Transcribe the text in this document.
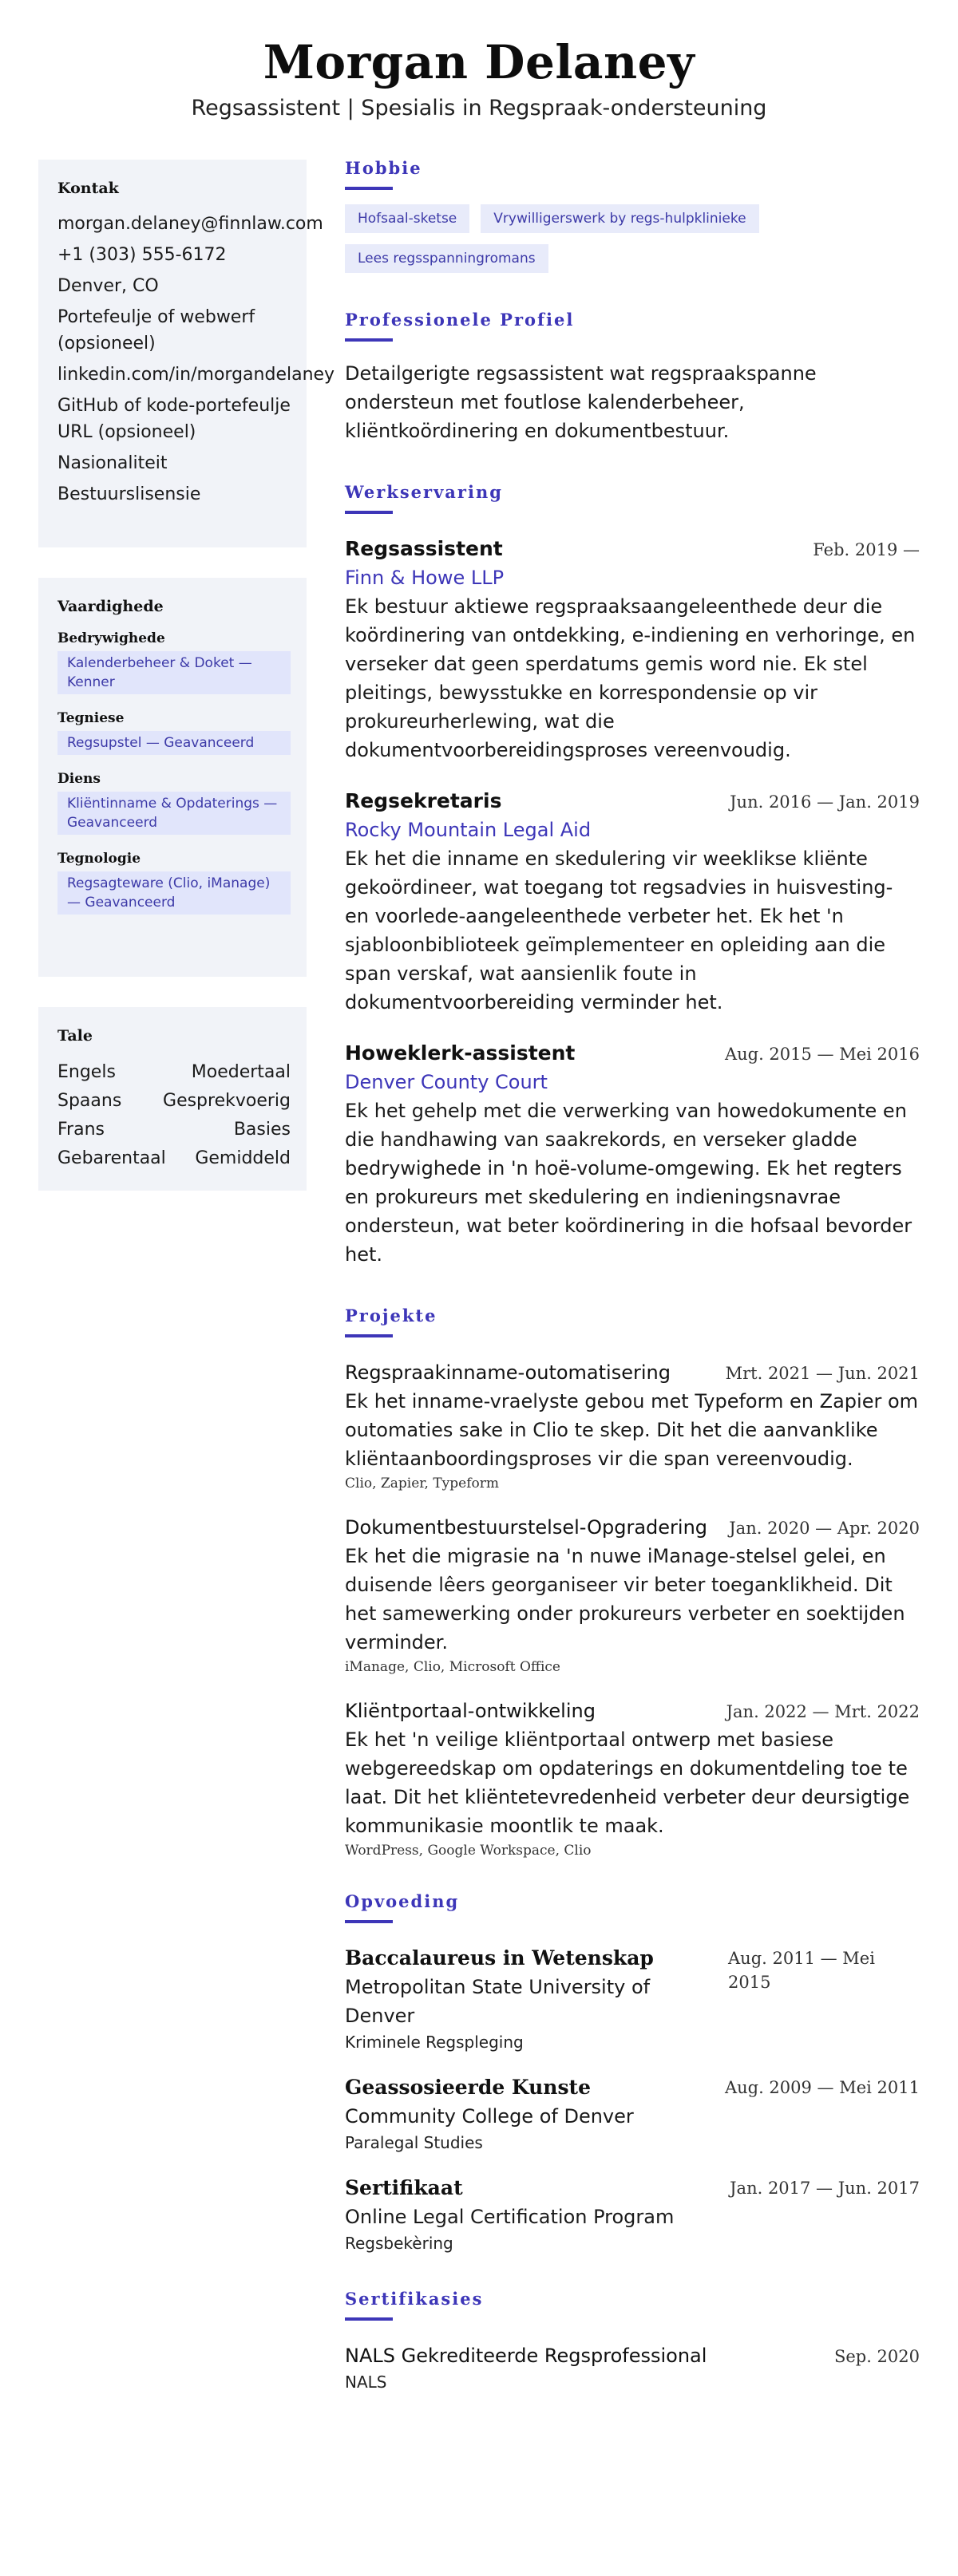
Morgan Delaney
Regsassistent | Spesialis in Regspraak-ondersteuning
Kontak
morgan.delaney@finnlaw.com
+1 (303) 555-6172
Denver, CO
Portefeulje of webwerf (opsioneel)
linkedin.com/in/morgandelaney
GitHub of kode-portefeulje URL (opsioneel)
Nasionaliteit
Bestuurslisensie
Vaardighede
Bedrywighede
Kalenderbeheer & Doket — Kenner
Tegniese
Regsupstel — Geavanceerd
Diens
Kliëntinname & Opdaterings — Geavanceerd
Tegnologie
Regsagteware (Clio, iManage) — Geavanceerd
Tale
Engels	Moedertaal
Spaans Gesprekvoerig
Frans	Basies
Gebarentaal Gemiddeld
Hobbie
Hofsaal-sketse	Vrywilligerswerk by regs-hulpklinieke
Lees regsspanningromans
Professionele Profiel

Detailgerigte regsassistent wat regspraakspanne ondersteun met foutlose kalenderbeheer, kliëntkoördinering en dokumentbestuur.

Werkservaring
Regsassistent	Feb. 2019 —
Finn & Howe LLP

Ek bestuur aktiewe regspraaksaangeleenthede deur die koördinering van ontdekking, e-indiening en verhoringe, en verseker dat geen sperdatums gemis word nie. Ek stel pleitings, bewysstukke en korrespondensie op vir prokureurherlewing, wat die dokumentvoorbereidingsproses vereenvoudig.

Regsekretaris	Jun. 2016 — Jan. 2019
Rocky Mountain Legal Aid

Ek het die inname en skedulering vir weeklikse kliënte gekoördineer, wat toegang tot regsadvies in huisvesting- en voorlede-aangeleenthede verbeter het. Ek het 'n sjabloonbiblioteek geïmplementeer en opleiding aan die span verskaf, wat aansienlik foute in dokumentvoorbereiding verminder het.

Howeklerk-assistent	Aug. 2015 — Mei 2016
Denver County Court

Ek het gehelp met die verwerking van howedokumente en die handhawing van saakrekords, en verseker gladde bedrywighede in 'n hoë-volume-omgewing. Ek het regters en prokureurs met skedulering en indieningsnavrae ondersteun, wat beter koördinering in die hofsaal bevorder het.

Projekte
Regspraakinname-outomatisering	Mrt. 2021 — Jun. 2021

Ek het inname-vraelyste gebou met Typeform en Zapier om outomaties sake in Clio te skep. Dit het die aanvanklike kliëntaanboordingsproses vir die span vereenvoudig.

Clio, Zapier, Typeform
Dokumentbestuurstelsel-Opgradering Jan. 2020 — Apr. 2020

Ek het die migrasie na 'n nuwe iManage-stelsel gelei, en duisende lêers georganiseer vir beter toeganklikheid. Dit het samewerking onder prokureurs verbeter en soektijden verminder.

iManage, Clio, Microsoft Office
Kliëntportaal-ontwikkeling	Jan. 2022 — Mrt. 2022

Ek het 'n veilige kliëntportaal ontwerp met basiese webgereedskap om opdaterings en dokumentdeling toe te laat. Dit het kliëntetevredenheid verbeter deur deursigtige kommunikasie moontlik te maak.

WordPress, Google Workspace, Clio
Opvoeding
Baccalaureus in Wetenskap
Metropolitan State University of Denver
Kriminele Regspleging
Aug. 2011 — Mei 2015
Geassosieerde Kunste
Community College of Denver
Paralegal Studies
Aug. 2009 — Mei 2011
Sertifikaat
Online Legal Certification Program
Regsbekèring
Jan. 2017 — Jun. 2017
Sertifikasies
NALS Gekrediteerde Regsprofessional	Sep. 2020
NALS
